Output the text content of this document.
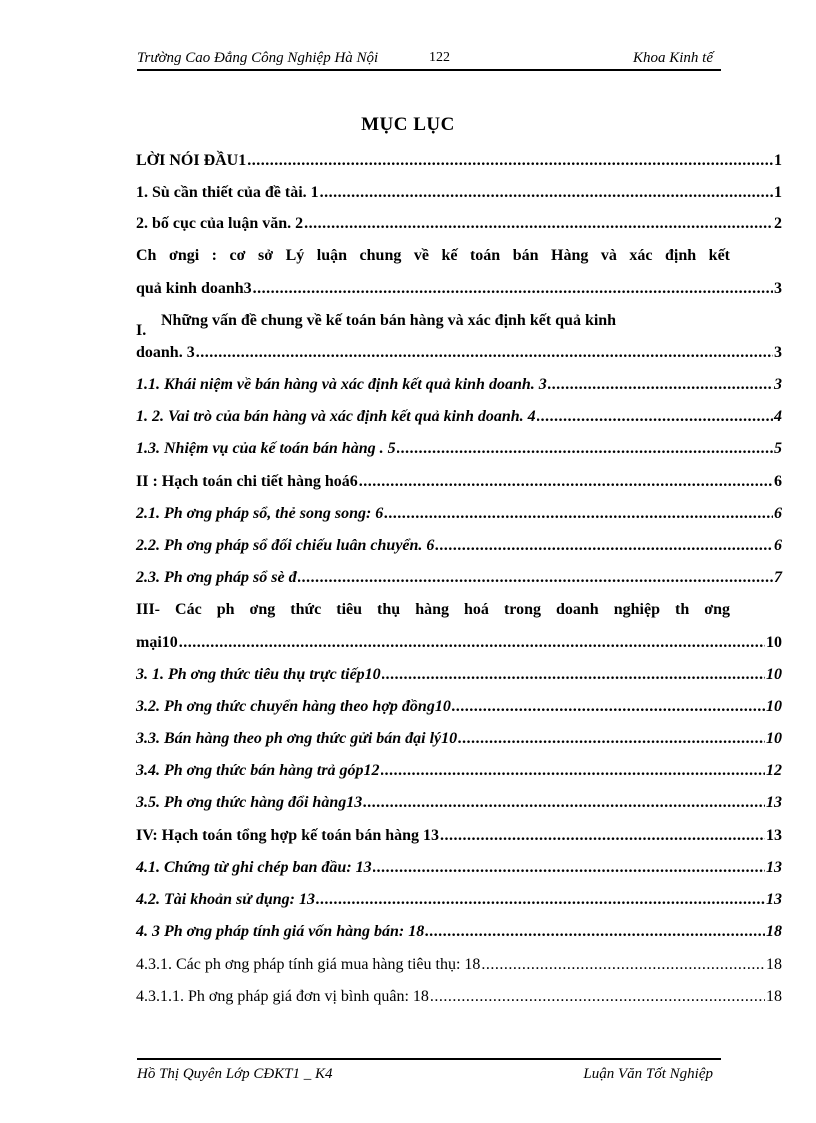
Trường Cao Đẳng Công Nghiệp Hà Nội	122	Khoa Kinh tế
MỤC LỤC
LỜI NÓI ĐẦU1 .....	1
1. Sù cần thiết của đề tài. 1 .....	1
2. bố cục của luận văn. 2 .....	2
Ch ơngi : cơ sở Lý luận chung về kế toán bán Hàng và xác định kết
quả kinh doanh3 .....	3
I.
Những vấn đề chung về kế toán bán hàng và xác định kết quả kinh
doanh. 3 .....	3
1.1. Khái niệm về bán hàng và xác định kết quả kinh doanh. 3 .....	3
1. 2. Vai trò của bán hàng và xác định kết quả kinh doanh. 4 .....	4
1.3. Nhiệm vụ của kế toán bán hàng . 5 .....	5
II : Hạch toán chi tiết hàng hoá6 .....	6
2.1. Ph ơng pháp sổ, thẻ song song: 6 .....	6
2.2. Ph ơng pháp sổ đối chiếu luân chuyển. 6 .....	6
2.3. Ph ơng pháp sổ sè đ .....	7
III- Các ph ơng thức tiêu thụ hàng hoá trong doanh nghiệp th ơng
mại10 .....	10
3. 1. Ph ơng thức tiêu thụ trực tiếp10 .....	10
3.2. Ph ơng thức chuyển hàng theo hợp đồng10 .....	10
3.3. Bán hàng theo ph ơng thức gửi bán đại lý10 .....	10
3.4. Ph ơng thức bán hàng trả góp12 .....	12
3.5. Ph ơng thức hàng đổi hàng13 .....	13
IV: Hạch toán tổng hợp kế toán bán hàng 13 .....	13
4.1. Chứng từ ghi chép ban đầu: 13 .....	13
4.2. Tài khoản sử dụng: 13 .....	13
4. 3 Ph ơng pháp tính giá vốn hàng bán: 18 .....	18
4.3.1. Các ph ơng pháp tính giá mua hàng tiêu thụ: 18 .....	18
4.3.1.1. Ph ơng pháp giá đơn vị bình quân: 18 .....	18
Hồ Thị Quyên Lớp CĐKT1 _ K4	Luận Văn Tốt Nghiệp
